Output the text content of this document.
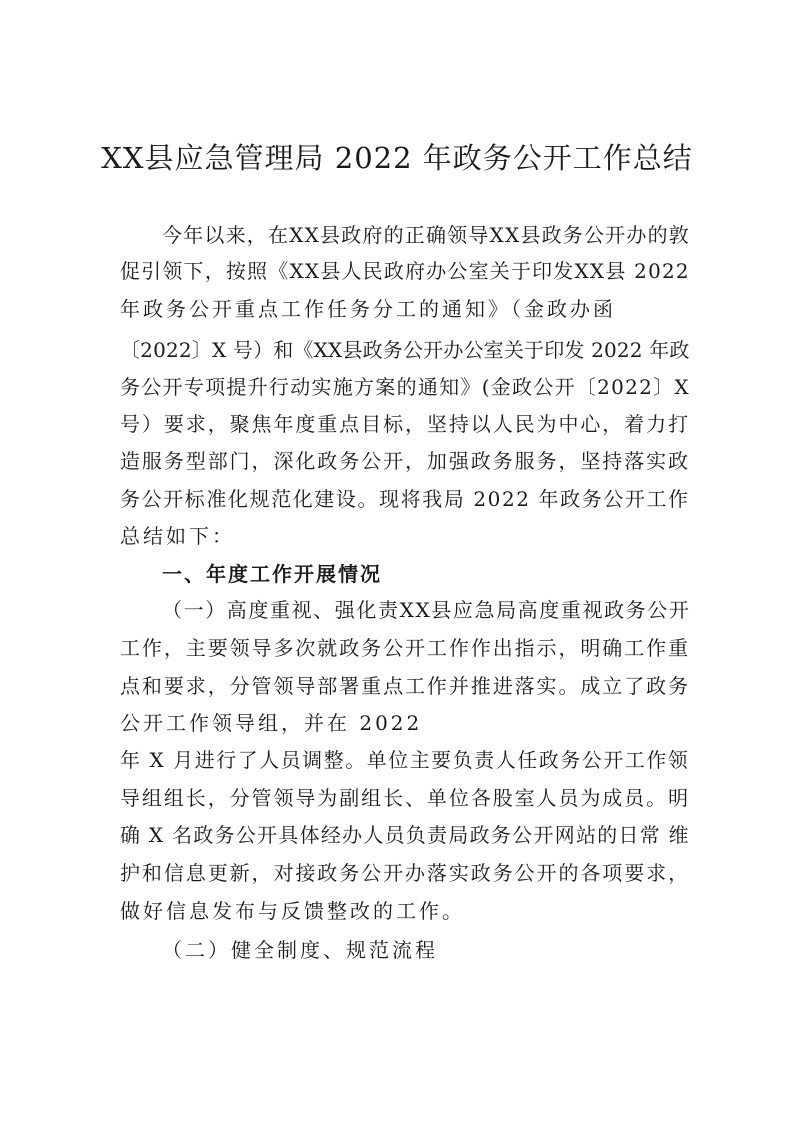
XX县应急管理局 2022 年政务公开工作总结
今年以来，在XX县政府的正确领导XX县政务公开办的敦
促引领下，按照《XX县人民政府办公室关于印发XX县 2022
年政务公开重点工作任务分工的通知》（金政办函
〔2022〕X 号）和《XX县政务公开办公室关于印发 2022 年政
务公开专项提升行动实施方案的通知》(金政公开〔2022〕X
号）要求，聚焦年度重点目标，坚持以人民为中心，着力打
造服务型部门，深化政务公开，加强政务服务，坚持落实政
务公开标准化规范化建设。现将我局 2022 年政务公开工作
总结如下：
一、年度工作开展情况
（一）高度重视、强化责XX县应急局高度重视政务公开
工作，主要领导多次就政务公开工作作出指示，明确工作重
点和要求，分管领导部署重点工作并推进落实。成立了政务
公开工作领导组，并在 2022
年 X 月进行了人员调整。单位主要负责人任政务公开工作领
导组组长，分管领导为副组长、单位各股室人员为成员。明
确 X 名政务公开具体经办人员负责局政务公开网站的日常 维
护和信息更新，对接政务公开办落实政务公开的各项要求，
做好信息发布与反馈整改的工作。
（二）健全制度、规范流程
